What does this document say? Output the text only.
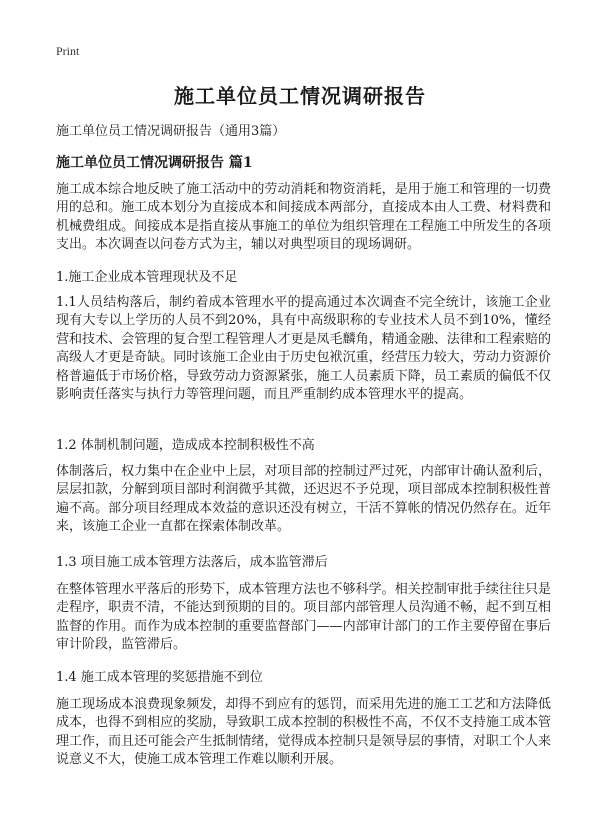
Print
施工单位员工情况调研报告
施工单位员工情况调研报告（通用3篇）
施工单位员工情况调研报告 篇1

施工成本综合地反映了施工活动中的劳动消耗和物资消耗，是用于施工和管理的一切费用的总和。施工成本划分为直接成本和间接成本两部分，直接成本由人工费、材料费和机械费组成。间接成本是指直接从事施工的单位为组织管理在工程施工中所发生的各项支出。本次调查以问卷方式为主，辅以对典型项目的现场调研。

1.施工企业成本管理现状及不足

1.1人员结构落后，制约着成本管理水平的提高通过本次调查不完全统计，该施工企业现有大专以上学历的人员不到20%，具有中高级职称的专业技术人员不到10%，懂经营和技术、会管理的复合型工程管理人才更是凤毛麟角，精通金融、法律和工程索赔的高级人才更是奇缺。同时该施工企业由于历史包袱沉重，经营压力较大，劳动力资源价格普遍低于市场价格，导致劳动力资源紧张，施工人员素质下降，员工素质的偏低不仅影响责任落实与执行力等管理问题，而且严重制约成本管理水平的提高。

1.2 体制机制问题，造成成本控制积极性不高

体制落后，权力集中在企业中上层，对项目部的控制过严过死，内部审计确认盈利后，层层扣款，分解到项目部时利润微乎其微，还迟迟不予兑现，项目部成本控制积极性普遍不高。部分项目经理成本效益的意识还没有树立，干活不算帐的情况仍然存在。近年来，该施工企业一直都在探索体制改革。

1.3 项目施工成本管理方法落后，成本监管滞后

在整体管理水平落后的形势下，成本管理方法也不够科学。相关控制审批手续往往只是走程序，职责不清，不能达到预期的目的。项目部内部管理人员沟通不畅，起不到互相监督的作用。而作为成本控制的重要监督部门——内部审计部门的工作主要停留在事后审计阶段，监管滞后。

1.4 施工成本管理的奖惩措施不到位

施工现场成本浪费现象频发，却得不到应有的惩罚，而采用先进的施工工艺和方法降低成本，也得不到相应的奖励，导致职工成本控制的积极性不高，不仅不支持施工成本管理工作，而且还可能会产生抵制情绪，觉得成本控制只是领导层的事情，对职工个人来说意义不大，使施工成本管理工作难以顺利开展。
